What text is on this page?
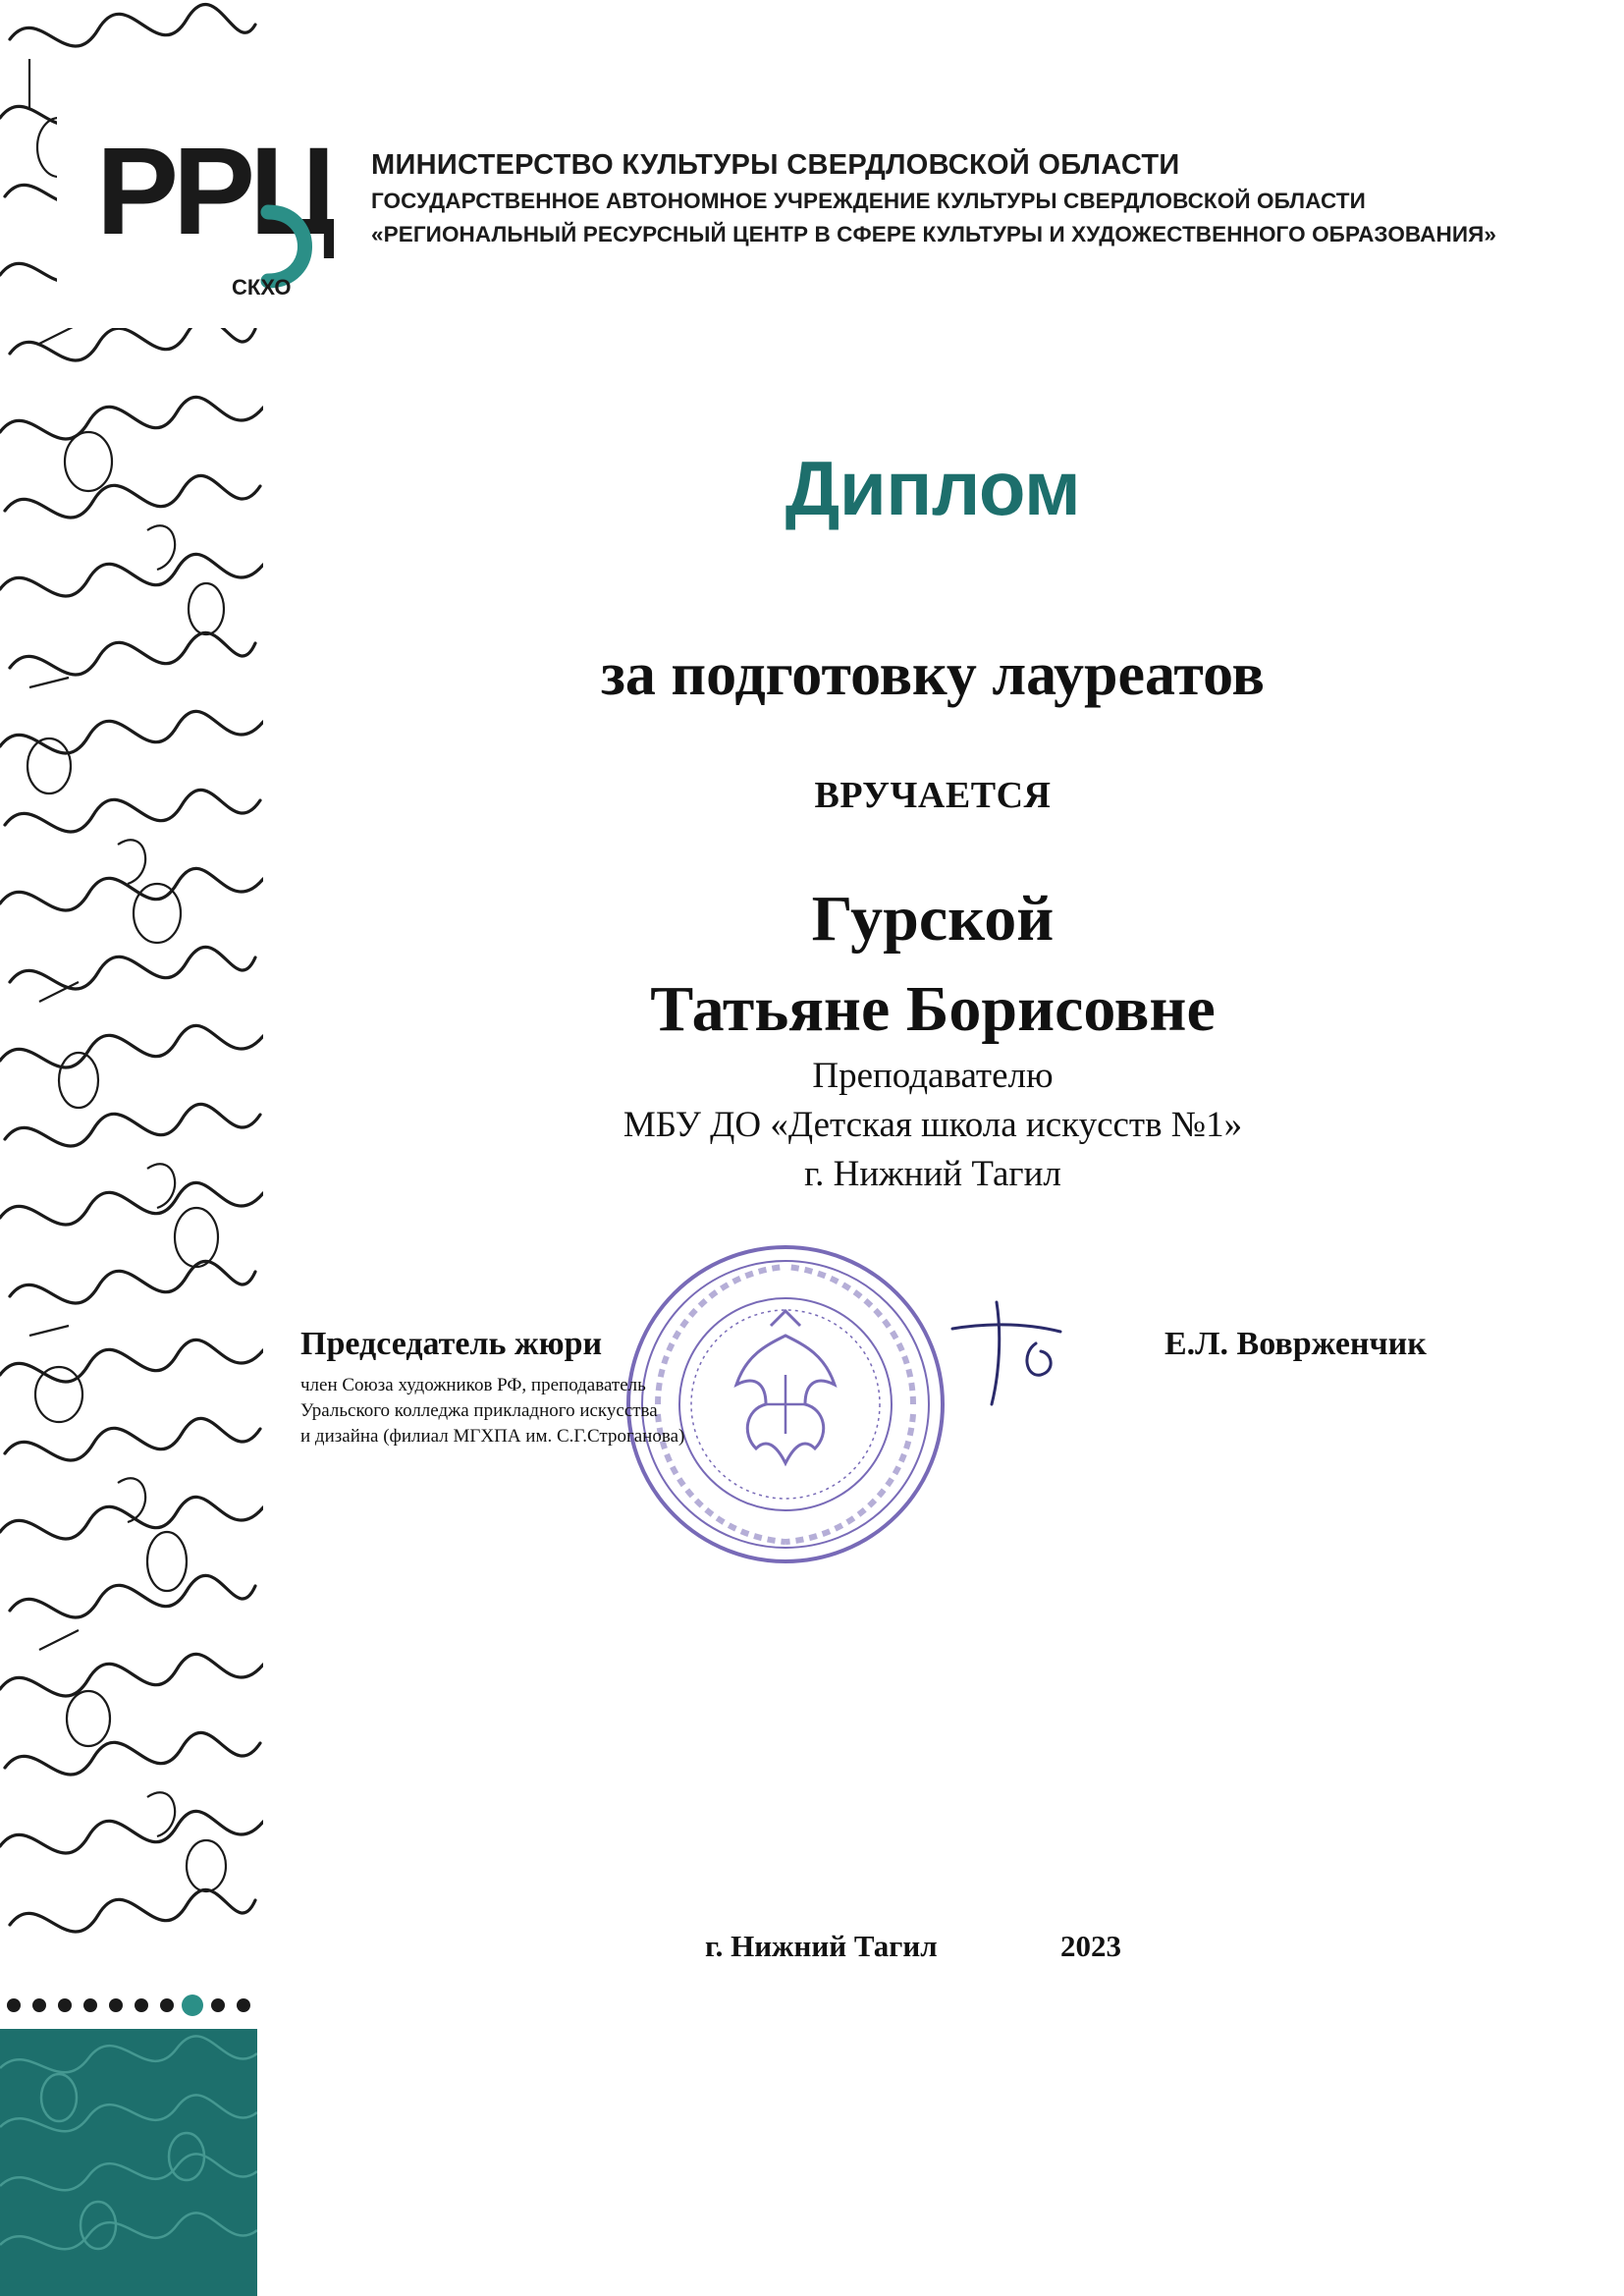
РРЦ
СКХО
МИНИСТЕРСТВО КУЛЬТУРЫ СВЕРДЛОВСКОЙ ОБЛАСТИ
ГОСУДАРСТВЕННОЕ АВТОНОМНОЕ УЧРЕЖДЕНИЕ КУЛЬТУРЫ СВЕРДЛОВСКОЙ ОБЛАСТИ
«РЕГИОНАЛЬНЫЙ РЕСУРСНЫЙ ЦЕНТР В СФЕРЕ КУЛЬТУРЫ И ХУДОЖЕСТВЕННОГО ОБРАЗОВАНИЯ»
Диплом
за подготовку лауреатов
ВРУЧАЕТСЯ
Гурской
Татьяне Борисовне
Преподавателю
МБУ ДО «Детская школа искусств №1»
г. Нижний Тагил
Председатель жюри
член Союза художников РФ, преподаватель
Уральского колледжа прикладного искусства
и дизайна (филиал МГХПА им. С.Г.Строганова)
Е.Л. Воврженчик
г. Нижний Тагил	2023
